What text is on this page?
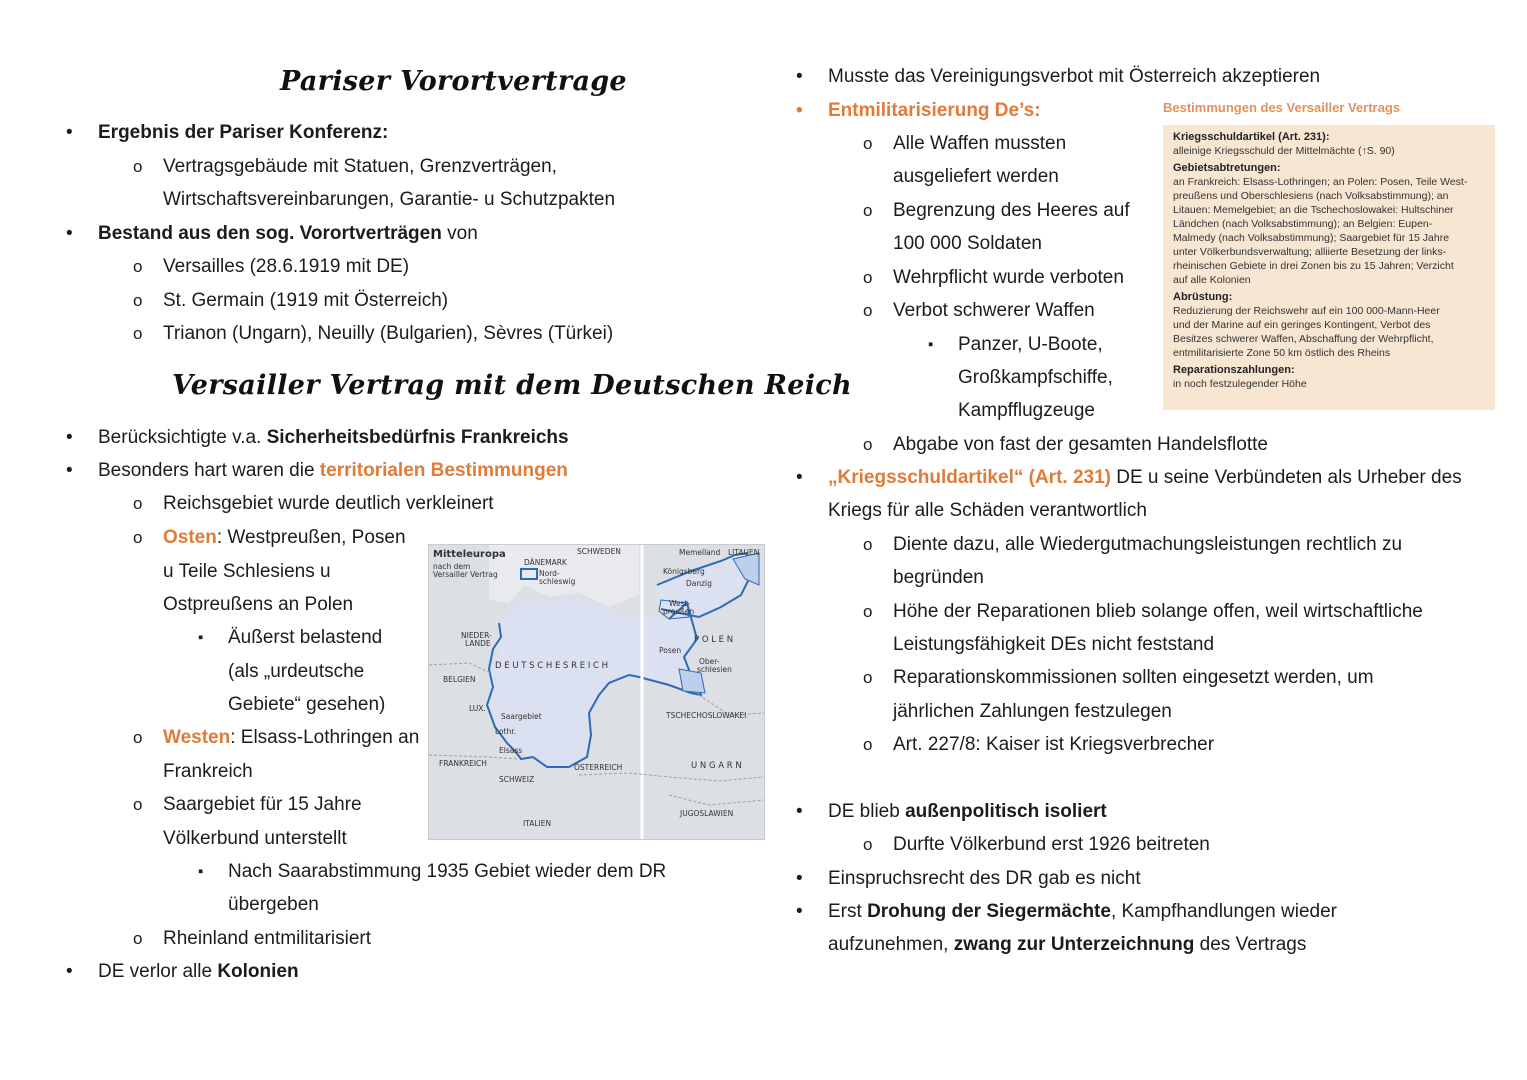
Pariser Vorortvertrage
• Ergebnis der Pariser Konferenz:
o Vertragsgebäude mit Statuen, Grenzverträgen,
Wirtschaftsvereinbarungen, Garantie- u Schutzpakten
• Bestand aus den sog. Vorortverträgen von
o Versailles (28.6.1919 mit DE)
o St. Germain (1919 mit Österreich)
o Trianon (Ungarn), Neuilly (Bulgarien), Sèvres (Türkei)
Versailler Vertrag mit dem Deutschen Reich
• Berücksichtigte v.a. Sicherheitsbedürfnis Frankreichs
• Besonders hart waren die territorialen Bestimmungen
o Reichsgebiet wurde deutlich verkleinert
o Osten: Westpreußen, Posen
u Teile Schlesiens u
Ostpreußens an Polen
▪ Äußerst belastend
(als „urdeutsche
Gebiete“ gesehen)
o Westen: Elsass-Lothringen an
Frankreich
o Saargebiet für 15 Jahre
Völkerbund unterstellt
▪ Nach Saarabstimmung 1935 Gebiet wieder dem DR
übergeben
o Rheinland entmilitarisiert
• DE verlor alle Kolonien
Mitteleuropa
nach dem
Versailler Vertrag
DÄNEMARK
SCHWEDEN	Memelland LITAUEN
Nord-
schleswig
Königsberg
Danzig
West-
preußen
NIEDER-
LANDE	P O L E N
D E U T S C H E S R E I C H
Posen
Ober-
schlesien
BELGIEN
LUX.
Saargebiet
Lothr.
TSCHECHOSLOWAKEI
Elsass
FRANKREICH	ÖSTERREICH	U N G A R N
SCHWEIZ
JUGOSLAWIEN
ITALIEN
• Musste das Vereinigungsverbot mit Österreich akzeptieren
• Entmilitarisierung De’s:
o Alle Waffen mussten
ausgeliefert werden
o Begrenzung des Heeres auf
100 000 Soldaten
o Wehrpflicht wurde verboten
o Verbot schwerer Waffen
▪ Panzer, U-Boote,
Großkampfschiffe,
Kampfflugzeuge
o Abgabe von fast der gesamten Handelsflotte
• „Kriegsschuldartikel“ (Art. 231) DE u seine Verbündeten als Urheber des
Kriegs für alle Schäden verantwortlich
o Diente dazu, alle Wiedergutmachungsleistungen rechtlich zu
begründen
o Höhe der Reparationen blieb solange offen, weil wirtschaftliche
Leistungsfähigkeit DEs nicht feststand
o Reparationskommissionen sollten eingesetzt werden, um
jährlichen Zahlungen festzulegen
o Art. 227/8: Kaiser ist Kriegsverbrecher
• DE blieb außenpolitisch isoliert
o Durfte Völkerbund erst 1926 beitreten
• Einspruchsrecht des DR gab es nicht
• Erst Drohung der Siegermächte, Kampfhandlungen wieder
aufzunehmen, zwang zur Unterzeichnung des Vertrags
Bestimmungen des Versailler Vertrags
Kriegsschuldartikel (Art. 231):
alleinige Kriegsschuld der Mittelmächte (↑S. 90)
Gebietsabtretungen:
an Frankreich: Elsass-Lothringen; an Polen: Posen, Teile West-
preußens und Oberschlesiens (nach Volksabstimmung); an
Litauen: Memelgebiet; an die Tschechoslowakei: Hultschiner
Ländchen (nach Volksabstimmung); an Belgien: Eupen-
Malmedy (nach Volksabstimmung); Saargebiet für 15 Jahre
unter Völkerbundsverwaltung; alliierte Besetzung der links-
rheinischen Gebiete in drei Zonen bis zu 15 Jahren; Verzicht
auf alle Kolonien
Abrüstung:
Reduzierung der Reichswehr auf ein 100 000-Mann-Heer
und der Marine auf ein geringes Kontingent, Verbot des
Besitzes schwerer Waffen, Abschaffung der Wehrpflicht,
entmilitarisierte Zone 50 km östlich des Rheins
Reparationszahlungen:
in noch festzulegender Höhe
